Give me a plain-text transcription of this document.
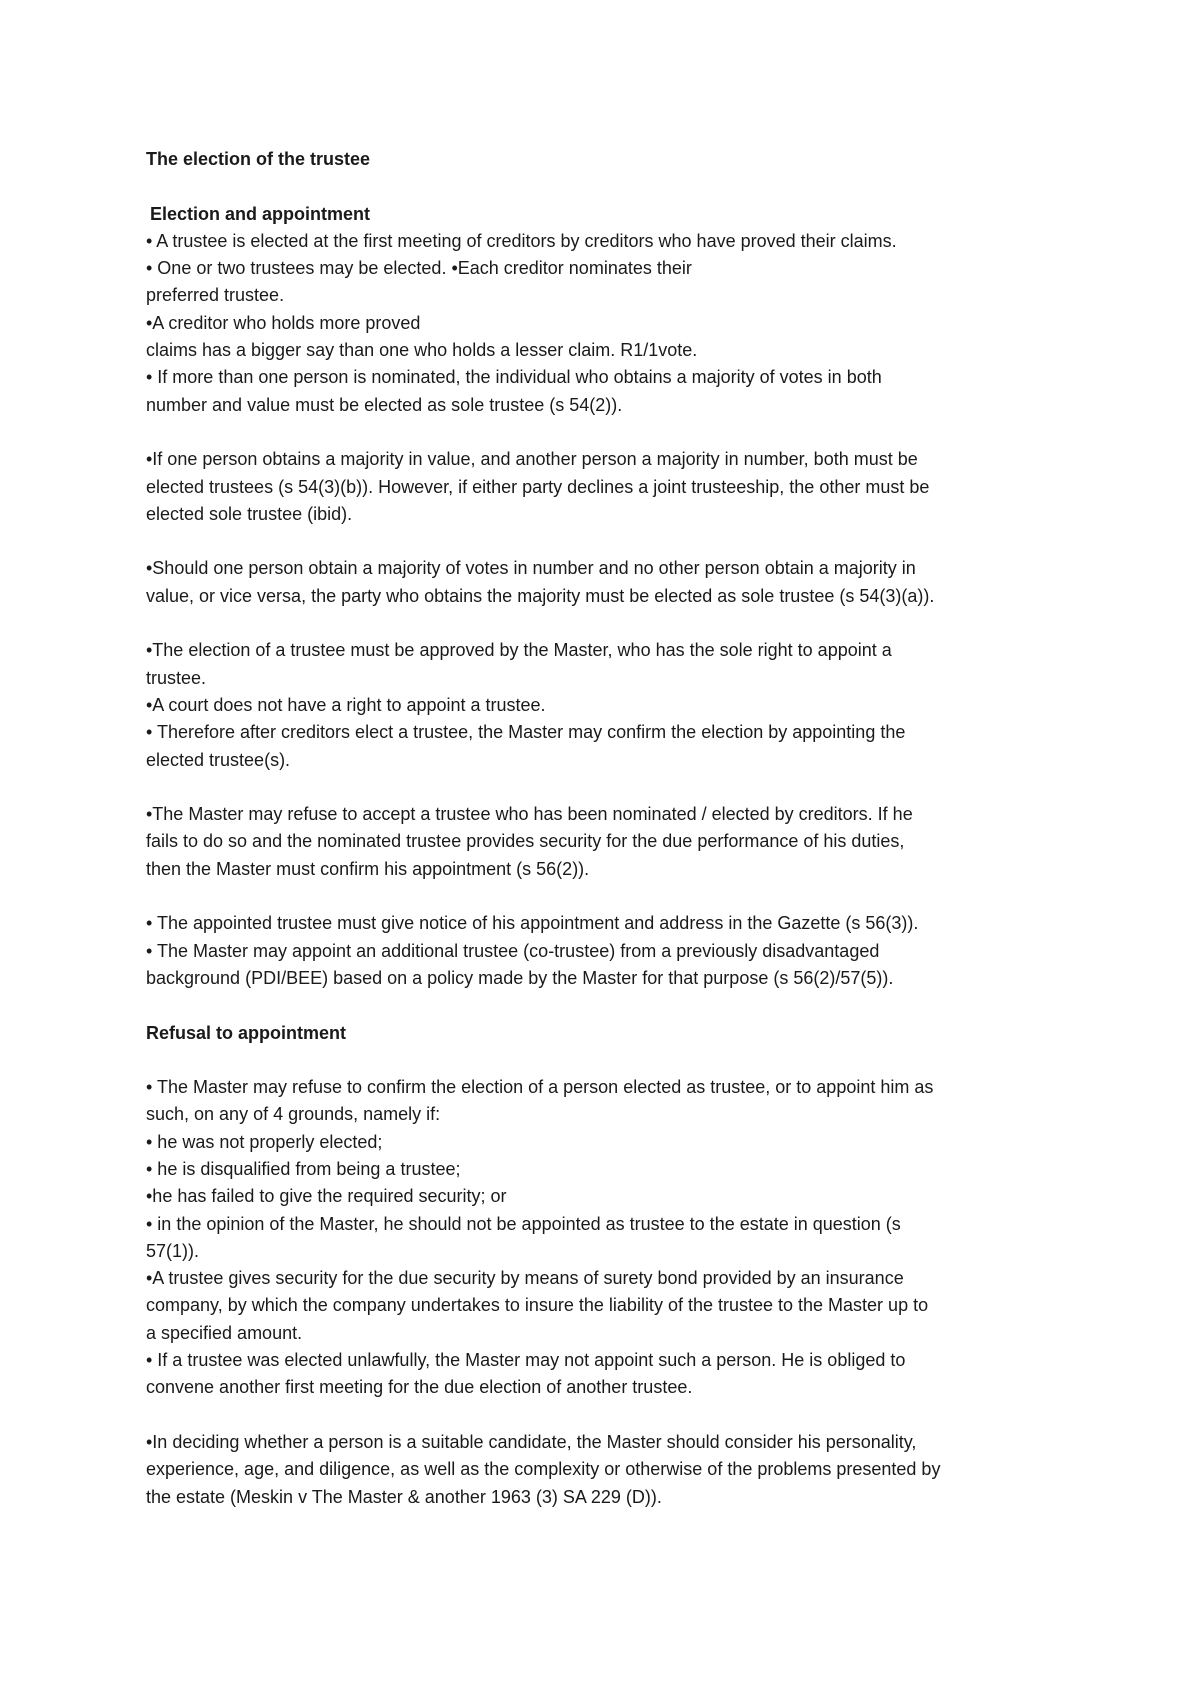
The election of the trustee
Election and appointment
• A trustee is elected at the first meeting of creditors by creditors who have proved their claims.
• One or two trustees may be elected. •Each creditor nominates their
preferred trustee.
•A creditor who holds more proved
claims has a bigger say than one who holds a lesser claim. R1/1vote.
• If more than one person is nominated, the individual who obtains a majority of votes in both
number and value must be elected as sole trustee (s 54(2)).
•If one person obtains a majority in value, and another person a majority in number, both must be
elected trustees (s 54(3)(b)). However, if either party declines a joint trusteeship, the other must be
elected sole trustee (ibid).
•Should one person obtain a majority of votes in number and no other person obtain a majority in
value, or vice versa, the party who obtains the majority must be elected as sole trustee (s 54(3)(a)).
•The election of a trustee must be approved by the Master, who has the sole right to appoint a
trustee.
•A court does not have a right to appoint a trustee.
• Therefore after creditors elect a trustee, the Master may confirm the election by appointing the
elected trustee(s).
•The Master may refuse to accept a trustee who has been nominated / elected by creditors. If he
fails to do so and the nominated trustee provides security for the due performance of his duties,
then the Master must confirm his appointment (s 56(2)).
• The appointed trustee must give notice of his appointment and address in the Gazette (s 56(3)).
• The Master may appoint an additional trustee (co-trustee) from a previously disadvantaged
background (PDI/BEE) based on a policy made by the Master for that purpose (s 56(2)/57(5)).
Refusal to appointment
• The Master may refuse to confirm the election of a person elected as trustee, or to appoint him as
such, on any of 4 grounds, namely if:
• he was not properly elected;
• he is disqualified from being a trustee;
•he has failed to give the required security; or
• in the opinion of the Master, he should not be appointed as trustee to the estate in question (s
57(1)).
•A trustee gives security for the due security by means of surety bond provided by an insurance
company, by which the company undertakes to insure the liability of the trustee to the Master up to
a specified amount.
• If a trustee was elected unlawfully, the Master may not appoint such a person. He is obliged to
convene another first meeting for the due election of another trustee.
•In deciding whether a person is a suitable candidate, the Master should consider his personality,
experience, age, and diligence, as well as the complexity or otherwise of the problems presented by
the estate (Meskin v The Master & another 1963 (3) SA 229 (D)).
